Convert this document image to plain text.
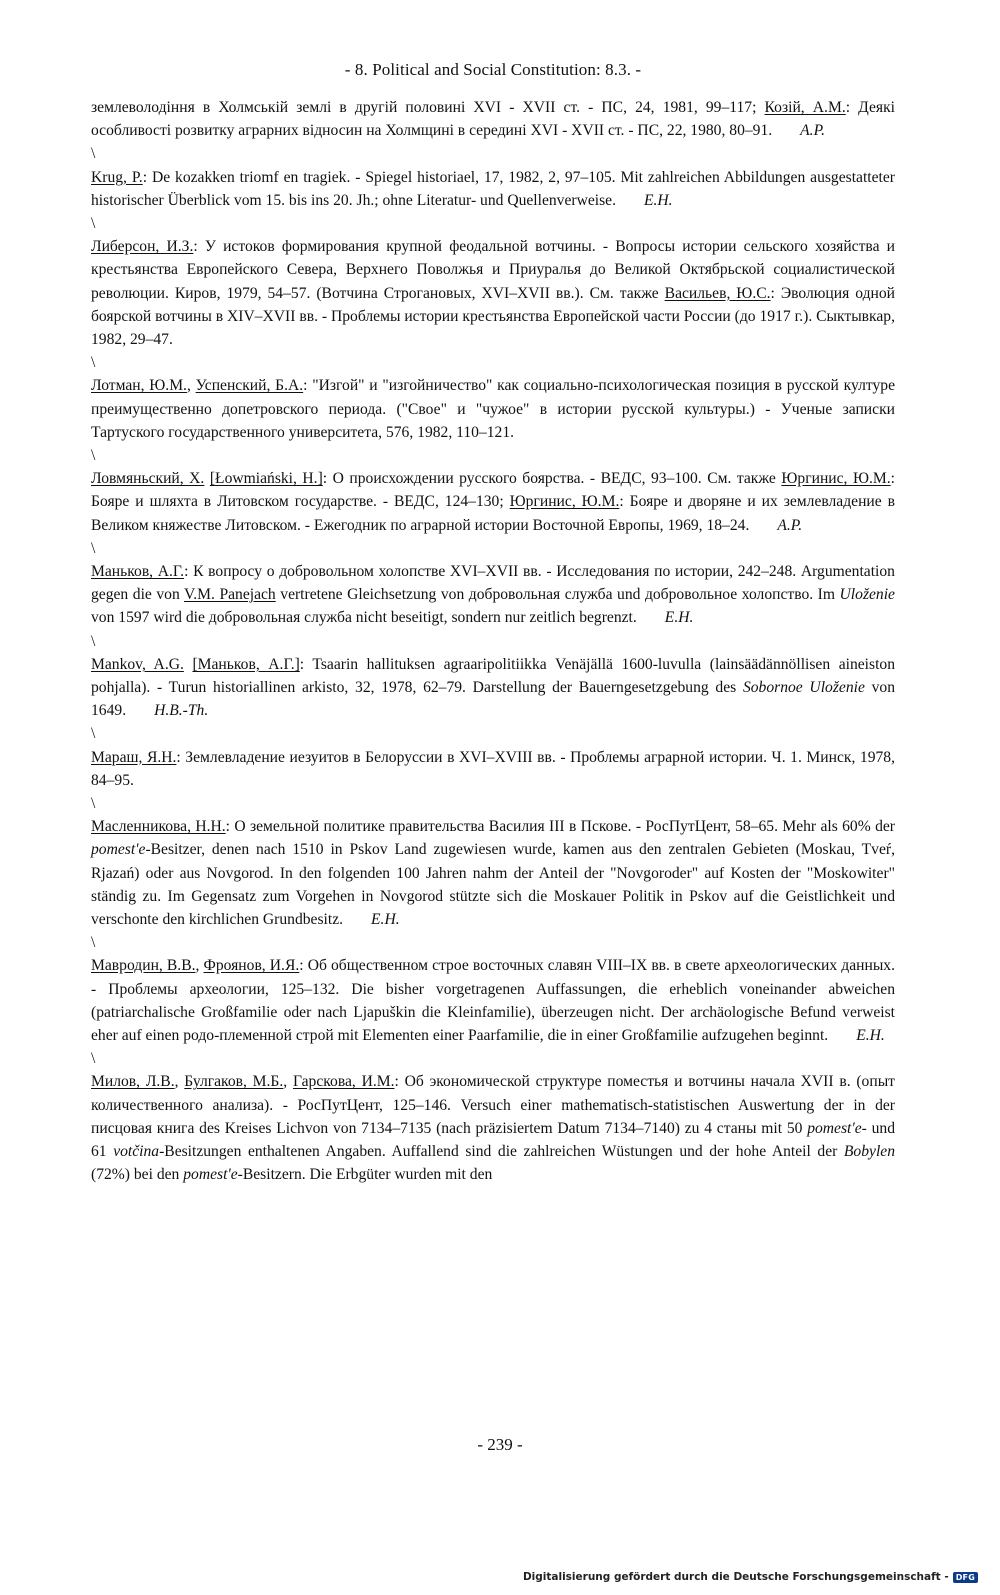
- 8. Political and Social Constitution: 8.3. -

землеволодіння в Холмській землі в другій половині XVI - XVII ст. - ПС, 24, 1981, 99–117; Козій, А.М.: Деякі особливості розвитку аграрних відносин на Холмщині в середині XVI - XVII ст. - ПС, 22, 1980, 80–91. A.P.

\

Krug, P.: De kozakken triomf en tragiek. - Spiegel historiael, 17, 1982, 2, 97–105. Mit zahlreichen Abbildungen ausgestatteter historischer Überblick vom 15. bis ins 20. Jh.; ohne Literatur- und Quellenverweise. E.H.

\

Либерсон, И.З.: У истоков формирования крупной феодальной вотчины. - Вопросы истории сельского хозяйства и крестьянства Европейского Севера, Верхнего Поволжья и Приуралья до Великой Октябрьской социалистической революции. Киров, 1979, 54–57. (Вотчина Строгановых, XVI–XVII вв.). См. также Васильев, Ю.С.: Эволюция одной боярской вотчины в XIV–XVII вв. - Проблемы истории крестьянства Европейской части России (до 1917 г.). Сыктывкар, 1982, 29–47.

\

Лотман, Ю.М., Успенский, Б.А.: "Изгой" и "изгойничество" как социально-психологическая позиция в русской културе преимущественно допетровского периода. ("Свое" и "чужое" в истории русской культуры.) - Ученые записки Тартуского государственного университета, 576, 1982, 110–121.

\

Ловмяньский, Х. [Łowmiański, H.]: О происхождении русского боярства. - ВЕДС, 93–100. См. также Юргинис, Ю.М.: Бояре и шляхта в Литовском государстве. - ВЕДС, 124–130; Юргинис, Ю.М.: Бояре и дворяне и их землевладение в Великом княжестве Литовском. - Ежегодник по аграрной истории Восточной Европы, 1969, 18–24. A.P.

\

Маньков, А.Г.: К вопросу о добровольном холопстве XVI–XVII вв. - Исследования по истории, 242–248. Argumentation gegen die von V.M. Panejach vertretene Gleichsetzung von добровольная служба und добровольное холопство. Im Uloženie von 1597 wird die добровольная служба nicht beseitigt, sondern nur zeitlich begrenzt. E.H.

\

Mankov, A.G. [Маньков, А.Г.]: Tsaarin hallituksen agraaripolitiikka Venäjällä 1600-luvulla (lainsäädännöllisen aineiston pohjalla). - Turun historiallinen arkisto, 32, 1978, 62–79. Darstellung der Bauerngesetzgebung des Sobornoe Uloženie von 1649. H.B.-Th.

\

Мараш, Я.Н.: Землевладение иезуитов в Белоруссии в XVI–XVIII вв. - Проблемы аграрной истории. Ч. 1. Минск, 1978, 84–95.

\

Масленникова, Н.Н.: О земельной политике правительства Василия III в Пскове. - РосПутЦент, 58–65. Mehr als 60% der pomest'e-Besitzer, denen nach 1510 in Pskov Land zugewiesen wurde, kamen aus den zentralen Gebieten (Moskau, Tveŕ, Rjazań) oder aus Novgorod. In den folgenden 100 Jahren nahm der Anteil der "Novgoroder" auf Kosten der "Moskowiter" ständig zu. Im Gegensatz zum Vorgehen in Novgorod stützte sich die Moskauer Politik in Pskov auf die Geistlichkeit und verschonte den kirchlichen Grundbesitz. E.H.

\

Мавродин, В.В., Фроянов, И.Я.: Об общественном строе восточных славян VIII–IX вв. в свете археологических данных. - Проблемы археологии, 125–132. Die bisher vorgetragenen Auffassungen, die erheblich voneinander abweichen (patriarchalische Großfamilie oder nach Ljapuškin die Kleinfamilie), überzeugen nicht. Der archäologische Befund verweist eher auf einen родо-племенной строй mit Elementen einer Paarfamilie, die in einer Großfamilie aufzugehen beginnt. E.H.

\

Милов, Л.В., Булгаков, М.Б., Гарскова, И.М.: Об экономической структуре поместья и вотчины начала XVII в. (опыт количественного анализа). - РосПутЦент, 125–146. Versuch einer mathematisch-statistischen Auswertung der in der писцовая книга des Kreises Lichvon von 7134–7135 (nach präzisiertem Datum 7134–7140) zu 4 станы mit 50 pomest'e- und 61 votčina-Besitzungen enthaltenen Angaben. Auffallend sind die zahlreichen Wüstungen und der hohe Anteil der Bobylen (72%) bei den pomest'e-Besitzern. Die Erbgüter wurden mit den

- 239 -
Digitalisierung gefördert durch die Deutsche Forschungsgemeinschaft - DFG
